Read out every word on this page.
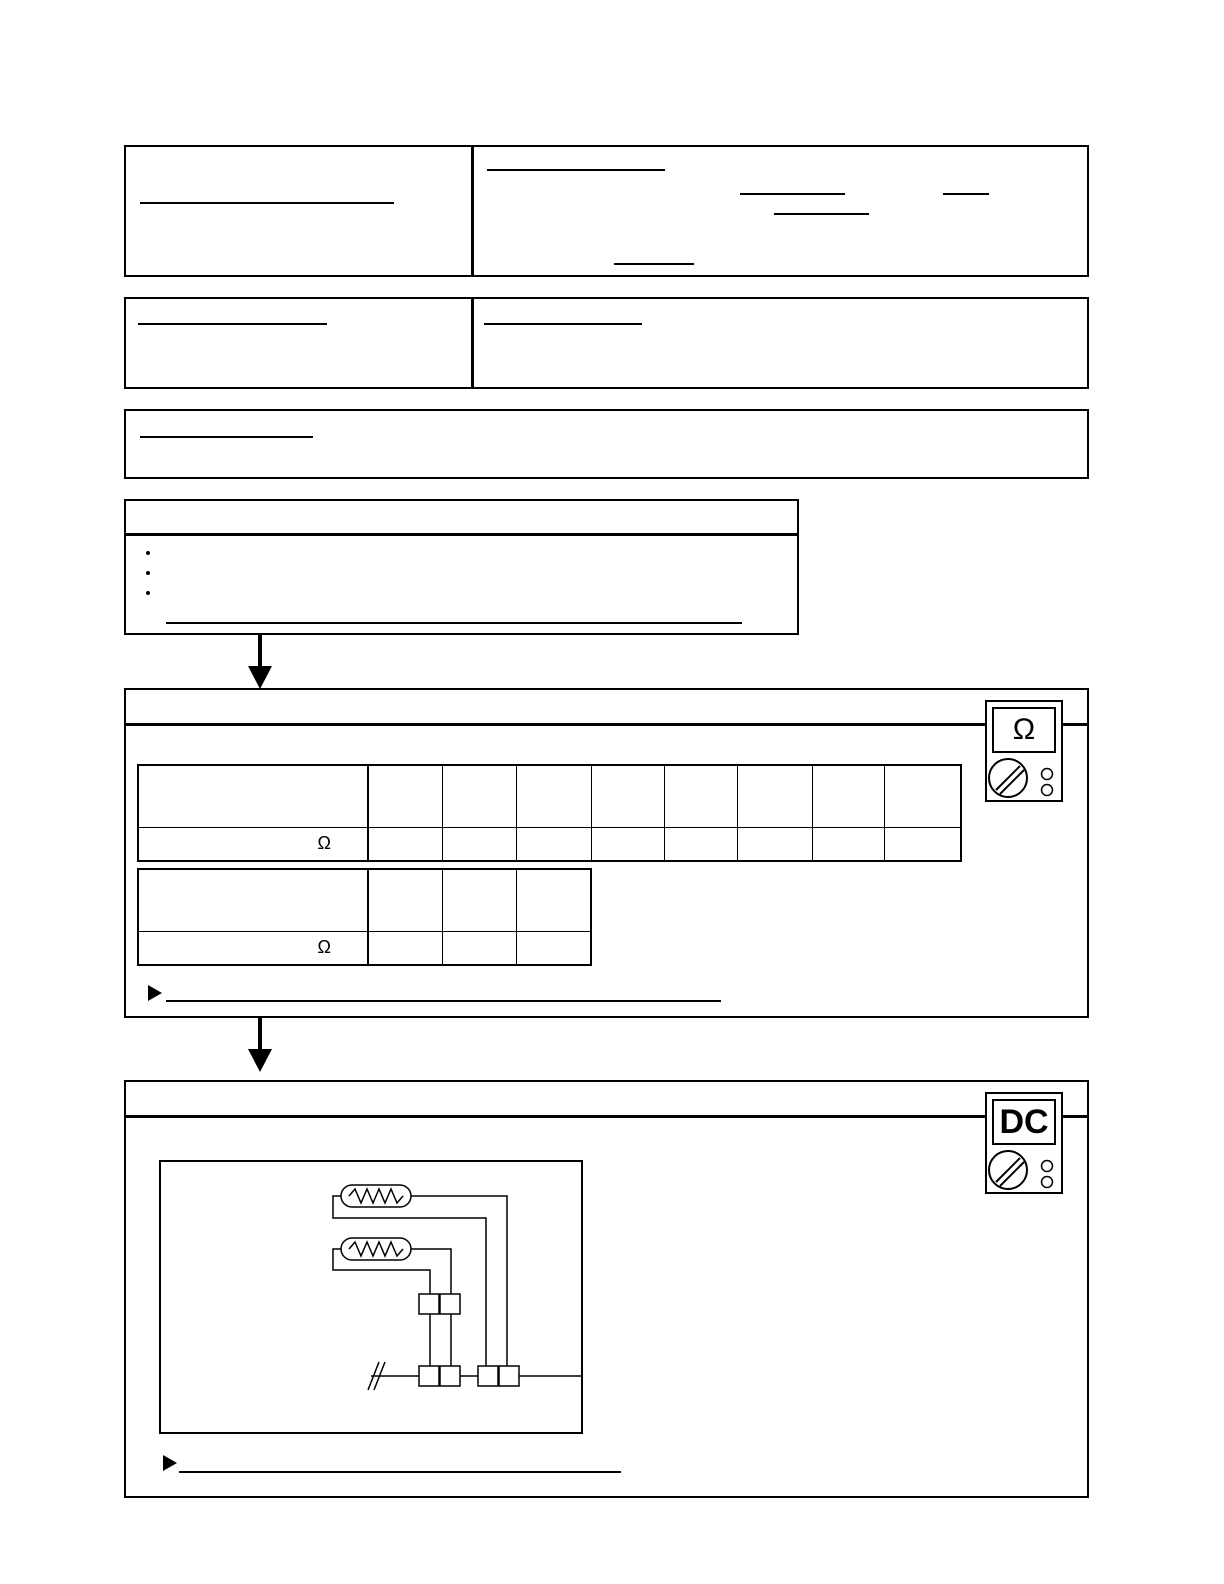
Ω								

Ω			
Ω
DC
